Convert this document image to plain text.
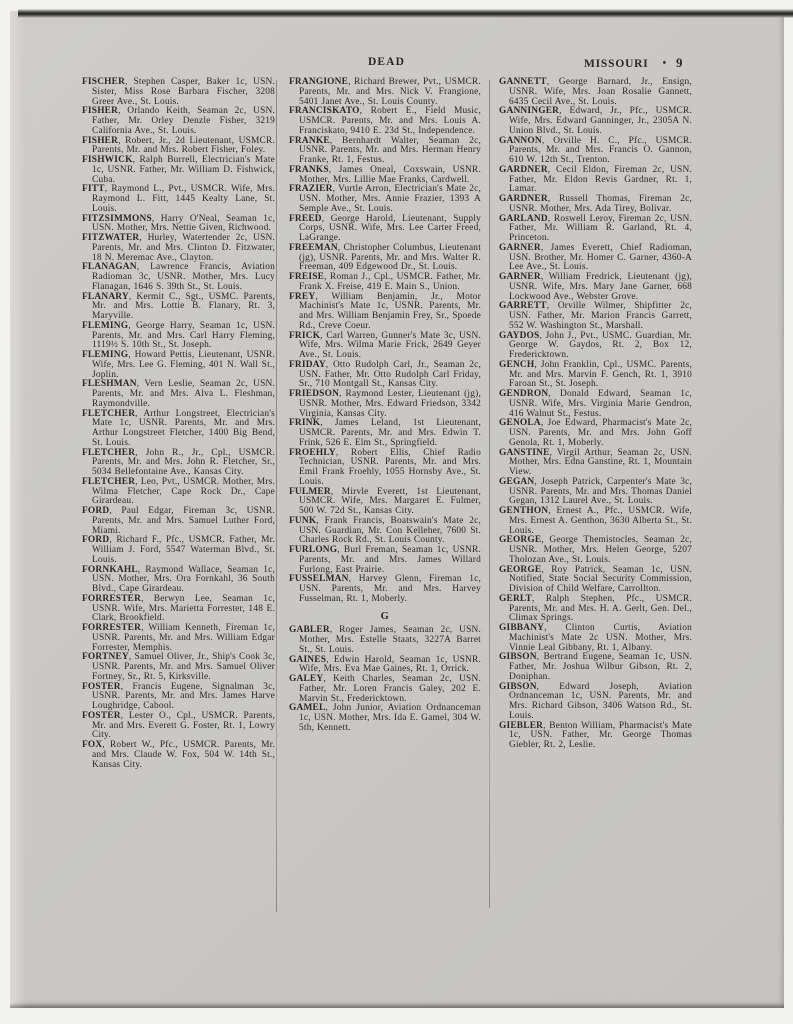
DEAD	MISSOURI • 9

FISCHER, Stephen Casper, Baker 1c, USN. Sister, Miss Rose Barbara Fischer, 3208 Greer Ave., St. Louis.

FISHER, Orlando Keith, Seaman 2c, USN. Father, Mr. Orley Denzle Fisher, 3219 California Ave., St. Louis.

FISHER, Robert, Jr., 2d Lieutenant, USMCR. Parents, Mr. and Mrs. Robert Fisher, Foley.

FISHWICK, Ralph Burrell, Electrician's Mate 1c, USNR. Father, Mr. William D. Fishwick, Cuba.

FITT, Raymond L., Pvt., USMCR. Wife, Mrs. Raymond L. Fitt, 1445 Kealty Lane, St. Louis.

FITZSIMMONS, Harry O'Neal, Seaman 1c, USN. Mother, Mrs. Nettie Given, Richwood.

FITZWATER, Hurley, Watertender 2c, USN. Parents, Mr. and Mrs. Clinton D. Fitzwater, 18 N. Meremac Ave., Clayton.

FLANAGAN, Lawrence Francis, Aviation Radioman 3c, USNR. Mother, Mrs. Lucy Flanagan, 1646 S. 39th St., St. Louis.

FLANARY, Kermit C., Sgt., USMC. Parents, Mr. and Mrs. Lottie B. Flanary, Rt. 3, Maryville.

FLEMING, George Harry, Seaman 1c, USN. Parents, Mr. and Mrs. Carl Harry Fleming, 1119½ S. 10th St., St. Joseph.

FLEMING, Howard Pettis, Lieutenant, USNR. Wife, Mrs. Lee G. Fleming, 401 N. Wall St., Joplin.

FLESHMAN, Vern Leslie, Seaman 2c, USN. Parents, Mr. and Mrs. Alva L. Fleshman, Raymondville.

FLETCHER, Arthur Longstreet, Electrician's Mate 1c, USNR. Parents, Mr. and Mrs. Arthur Longstreet Fletcher, 1400 Big Bend, St. Louis.

FLETCHER, John R., Jr., Cpl., USMCR. Parents, Mr. and Mrs. John R. Fletcher, Sr., 5034 Bellefontaine Ave., Kansas City.

FLETCHER, Leo, Pvt., USMCR. Mother, Mrs. Wilma Fletcher, Cape Rock Dr., Cape Girardeau.

FORD, Paul Edgar, Fireman 3c, USNR. Parents, Mr. and Mrs. Samuel Luther Ford, Miami.

FORD, Richard F., Pfc., USMCR. Father, Mr. William J. Ford, 5547 Waterman Blvd., St. Louis.

FORNKAHL, Raymond Wallace, Seaman 1c, USN. Mother, Mrs. Ora Fornkahl, 36 South Blvd., Cape Girardeau.

FORRESTER, Berwyn Lee, Seaman 1c, USNR. Wife, Mrs. Marietta Forrester, 148 E. Clark, Brookfield.

FORRESTER, William Kenneth, Fireman 1c, USNR. Parents, Mr. and Mrs. William Edgar Forrester, Memphis.

FORTNEY, Samuel Oliver, Jr., Ship's Cook 3c, USNR. Parents, Mr. and Mrs. Samuel Oliver Fortney, Sr., Rt. 5, Kirksville.

FOSTER, Francis Eugene, Signalman 3c, USNR. Parents, Mr. and Mrs. James Harve Loughridge, Cabool.

FOSTER, Lester O., Cpl., USMCR. Parents, Mr. and Mrs. Everett G. Foster, Rt. 1, Lowry City.

FOX, Robert W., Pfc., USMCR. Parents, Mr. and Mrs. Claude W. Fox, 504 W. 14th St., Kansas City.

FRANGIONE, Richard Brewer, Pvt., USMCR. Parents, Mr. and Mrs. Nick V. Frangione, 5401 Janet Ave., St. Louis County.

FRANCISKATO, Robert E., Field Music, USMCR. Parents, Mr. and Mrs. Louis A. Franciskato, 9410 E. 23d St., Independence.

FRANKE, Bernhardt Walter, Seaman 2c, USNR. Parents, Mr. and Mrs. Herman Henry Franke, Rt. 1, Festus.

FRANKS, James Oneal, Coxswain, USNR. Mother, Mrs. Lillie Mae Franks, Cardwell.

FRAZIER, Vurtle Arron, Electrician's Mate 2c, USN. Mother, Mrs. Annie Frazier, 1393 A Semple Ave., St. Louis.

FREED, George Harold, Lieutenant, Supply Corps, USNR. Wife, Mrs. Lee Carter Freed, LaGrange.

FREEMAN, Christopher Columbus, Lieutenant (jg), USNR. Parents, Mr. and Mrs. Walter R. Freeman, 409 Edgewood Dr., St. Louis.

FREISE, Roman J., Cpl., USMCR. Father, Mr. Frank X. Freise, 419 E. Main S., Union.

FREY, William Benjamin, Jr., Motor Machinist's Mate 1c, USNR. Parents, Mr. and Mrs. William Benjamin Frey, Sr., Spoede Rd., Creve Coeur.

FRICK, Carl Warren, Gunner's Mate 3c, USN. Wife, Mrs. Wilma Marie Frick, 2649 Geyer Ave., St. Louis.

FRIDAY, Otto Rudolph Carl, Jr., Seaman 2c, USN. Father, Mr. Otto Rudolph Carl Friday, Sr., 710 Montgall St., Kansas City.

FRIEDSON, Raymond Lester, Lieutenant (jg), USNR. Mother, Mrs. Edward Friedson, 3342 Virginia, Kansas City.

FRINK, James Leland, 1st Lieutenant, USMCR. Parents, Mr. and Mrs. Edwin T. Frink, 526 E. Elm St., Springfield.

FROEHLY, Robert Ellis, Chief Radio Technician, USNR. Parents, Mr. and Mrs. Emil Frank Froehly, 1055 Hornsby Ave., St. Louis.

FULMER, Mirvle Everett, 1st Lieutenant, USMCR. Wife, Mrs. Margaret E. Fulmer, 500 W. 72d St., Kansas City.

FUNK, Frank Francis, Boatswain's Mate 2c, USN. Guardian, Mr. Con Kelleher, 7600 St. Charles Rock Rd., St. Louis County.

FURLONG, Burl Freman, Seaman 1c, USNR. Parents, Mr. and Mrs. James Willard Furlong, East Prairie.

FUSSELMAN, Harvey Glenn, Fireman 1c, USN. Parents, Mr. and Mrs. Harvey Fusselman, Rt. 1, Moberly.

G

GABLER, Roger James, Seaman 2c, USN. Mother, Mrs. Estelle Staats, 3227A Barret St., St. Louis.

GAINES, Edwin Harold, Seaman 1c, USNR. Wife, Mrs. Eva Mae Gaines, Rt. 1, Orrick.

GALEY, Keith Charles, Seaman 2c, USN. Father, Mr. Loren Francis Galey, 202 E. Marvin St., Fredericktown.

GAMEL, John Junior, Aviation Ordnanceman 1c, USN. Mother, Mrs. Ida E. Gamel, 304 W. 5th, Kennett.

GANNETT, George Barnard, Jr., Ensign, USNR. Wife, Mrs. Joan Rosalie Gannett, 6435 Cecil Ave., St. Louis.

GANNINGER, Edward, Jr., Pfc., USMCR. Wife, Mrs. Edward Ganninger, Jr., 2305A N. Union Blvd., St. Louis.

GANNON, Orville H. C., Pfc., USMCR. Parents, Mr. and Mrs. Francis O. Gannon, 610 W. 12th St., Trenton.

GARDNER, Cecil Eldon, Fireman 2c, USN. Father, Mr. Eldon Revis Gardner, Rt. 1, Lamar.

GARDNER, Russell Thomas, Fireman 2c, USNR. Mother, Mrs. Ada Tirey, Bolivar.

GARLAND, Roswell Leroy, Fireman 2c, USN. Father, Mr. William R. Garland, Rt. 4, Princeton.

GARNER, James Everett, Chief Radioman, USN. Brother, Mr. Homer C. Garner, 4360-A Lee Ave., St. Louis.

GARNER, William Fredrick, Lieutenant (jg), USNR. Wife, Mrs. Mary Jane Garner, 668 Lockwood Ave., Webster Grove.

GARRETT, Orville Wilmer, Shipfitter 2c, USN. Father, Mr. Marion Francis Garrett, 552 W. Washington St., Marshall.

GAYDOS, John J., Pvt., USMC. Guardian, Mr. George W. Gaydos, Rt. 2, Box 12, Fredericktown.

GENCH, John Franklin, Cpl., USMC. Parents, Mr. and Mrs. Marvin F. Gench, Rt. 1, 3910 Faroan St., St. Joseph.

GENDRON, Donald Edward, Seaman 1c, USNR. Wife, Mrs. Virginia Marie Gendron, 416 Walnut St., Festus.

GENOLA, Joe Edward, Pharmacist's Mate 2c, USN. Parents, Mr. and Mrs. John Goff Genola, Rt. 1, Moberly.

GANSTINE, Virgil Arthur, Seaman 2c, USN. Mother, Mrs. Edna Ganstine, Rt. 1, Mountain View.

GEGAN, Joseph Patrick, Carpenter's Mate 3c, USNR. Parents, Mr. and Mrs. Thomas Daniel Gegan, 1312 Laurel Ave., St. Louis.

GENTHON, Ernest A., Pfc., USMCR. Wife, Mrs. Ernest A. Genthon, 3630 Alberta St., St. Louis.

GEORGE, George Themistocles, Seaman 2c, USNR. Mother, Mrs. Helen George, 5207 Tholozan Ave., St. Louis.

GEORGE, Roy Patrick, Seaman 1c, USN. Notified, State Social Security Commission, Division of Child Welfare, Carrollton.

GERLT, Ralph Stephen, Pfc., USMCR. Parents, Mr. and Mrs. H. A. Gerlt, Gen. Del., Climax Springs.

GIBBANY, Clinton Curtis, Aviation Machinist's Mate 2c USN. Mother, Mrs. Vinnie Leal Gibbany, Rt. 1, Albany.

GIBSON, Bertrand Eugene, Seaman 1c, USN. Father, Mr. Joshua Wilbur Gibson, Rt. 2, Doniphan.

GIBSON, Edward Joseph, Aviation Ordnanceman 1c, USN. Parents, Mr. and Mrs. Richard Gibson, 3406 Watson Rd., St. Louis.

GIEBLER, Benton William, Pharmacist's Mate 1c, USN. Father, Mr. George Thomas Giebler, Rt. 2, Leslie.
